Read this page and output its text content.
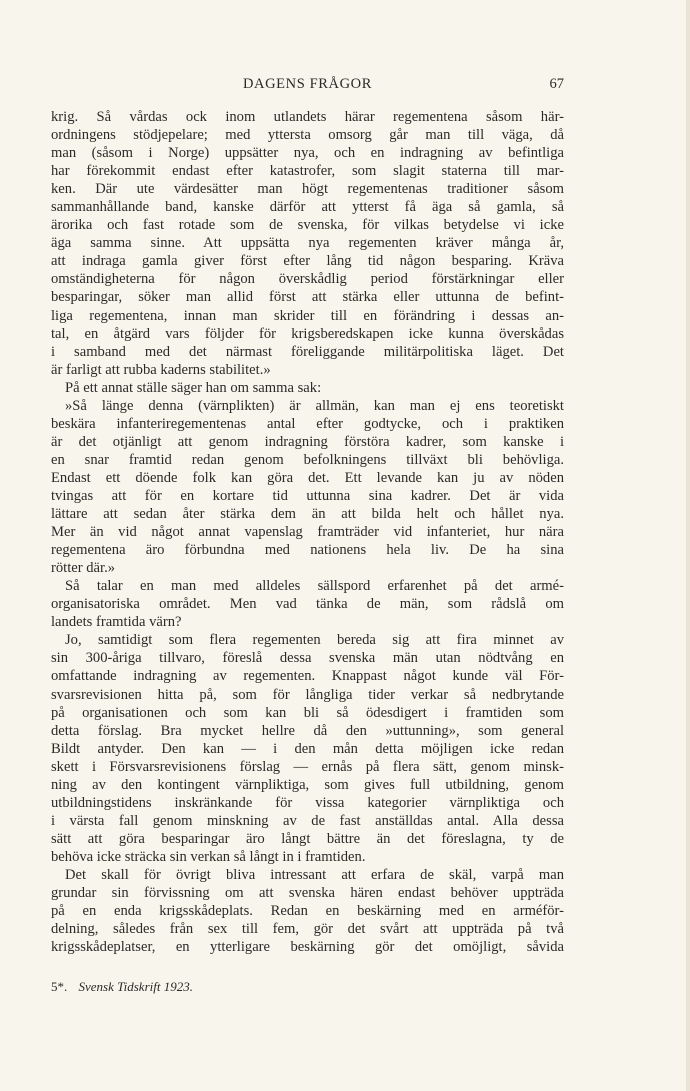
DAGENS FRÅGOR	67
krig. Så vårdas ock inom utlandets härar regementena såsom här-
ordningens stödjepelare; med yttersta omsorg går man till väga, då
man (såsom i Norge) uppsätter nya, och en indragning av befintliga
har förekommit endast efter katastrofer, som slagit staterna till mar-
ken. Där ute värdesätter man högt regementenas traditioner såsom
sammanhållande band, kanske därför att ytterst få äga så gamla, så
ärorika och fast rotade som de svenska, för vilkas betydelse vi icke
äga samma sinne. Att uppsätta nya regementen kräver många år,
att indraga gamla giver först efter lång tid någon besparing. Kräva
omständigheterna för någon överskådlig period förstärkningar eller
besparingar, söker man allid först att stärka eller uttunna de befint-
liga regementena, innan man skrider till en förändring i dessas an-
tal, en åtgärd vars följder för krigsberedskapen icke kunna överskådas
i samband med det närmast föreliggande militärpolitiska läget. Det
är farligt att rubba kaderns stabilitet.»
På ett annat ställe säger han om samma sak:
»Så länge denna (värnplikten) är allmän, kan man ej ens teoretiskt
beskära infanteriregementenas antal efter godtycke, och i praktiken
är det otjänligt att genom indragning förstöra kadrer, som kanske i
en snar framtid redan genom befolkningens tillväxt bli behövliga.
Endast ett döende folk kan göra det. Ett levande kan ju av nöden
tvingas att för en kortare tid uttunna sina kadrer. Det är vida
lättare att sedan åter stärka dem än att bilda helt och hållet nya.
Mer än vid något annat vapenslag framträder vid infanteriet, hur nära
regementena äro förbundna med nationens hela liv. De ha sina
rötter där.»
Så talar en man med alldeles sällspord erfarenhet på det armé-
organisatoriska området. Men vad tänka de män, som rådslå om
landets framtida värn?
Jo, samtidigt som flera regementen bereda sig att fira minnet av
sin 300-åriga tillvaro, föreslå dessa svenska män utan nödtvång en
omfattande indragning av regementen. Knappast något kunde väl För-
svarsrevisionen hitta på, som för långliga tider verkar så nedbrytande
på organisationen och som kan bli så ödesdigert i framtiden som
detta förslag. Bra mycket hellre då den »uttunning», som general
Bildt antyder. Den kan — i den mån detta möjligen icke redan
skett i Försvarsrevisionens förslag — ernås på flera sätt, genom minsk-
ning av den kontingent värnpliktiga, som gives full utbildning, genom
utbildningstidens inskränkande för vissa kategorier värnpliktiga och
i värsta fall genom minskning av de fast anställdas antal. Alla dessa
sätt att göra besparingar äro långt bättre än det föreslagna, ty de
behöva icke sträcka sin verkan så långt in i framtiden.
Det skall för övrigt bliva intressant att erfara de skäl, varpå man
grundar sin förvissning om att svenska hären endast behöver uppträda
på en enda krigsskådeplats. Redan en beskärning med en arméför-
delning, således från sex till fem, gör det svårt att uppträda på två
krigsskådeplatser, en ytterligare beskärning gör det omöjligt, såvida
5*. Svensk Tidskrift 1923.
